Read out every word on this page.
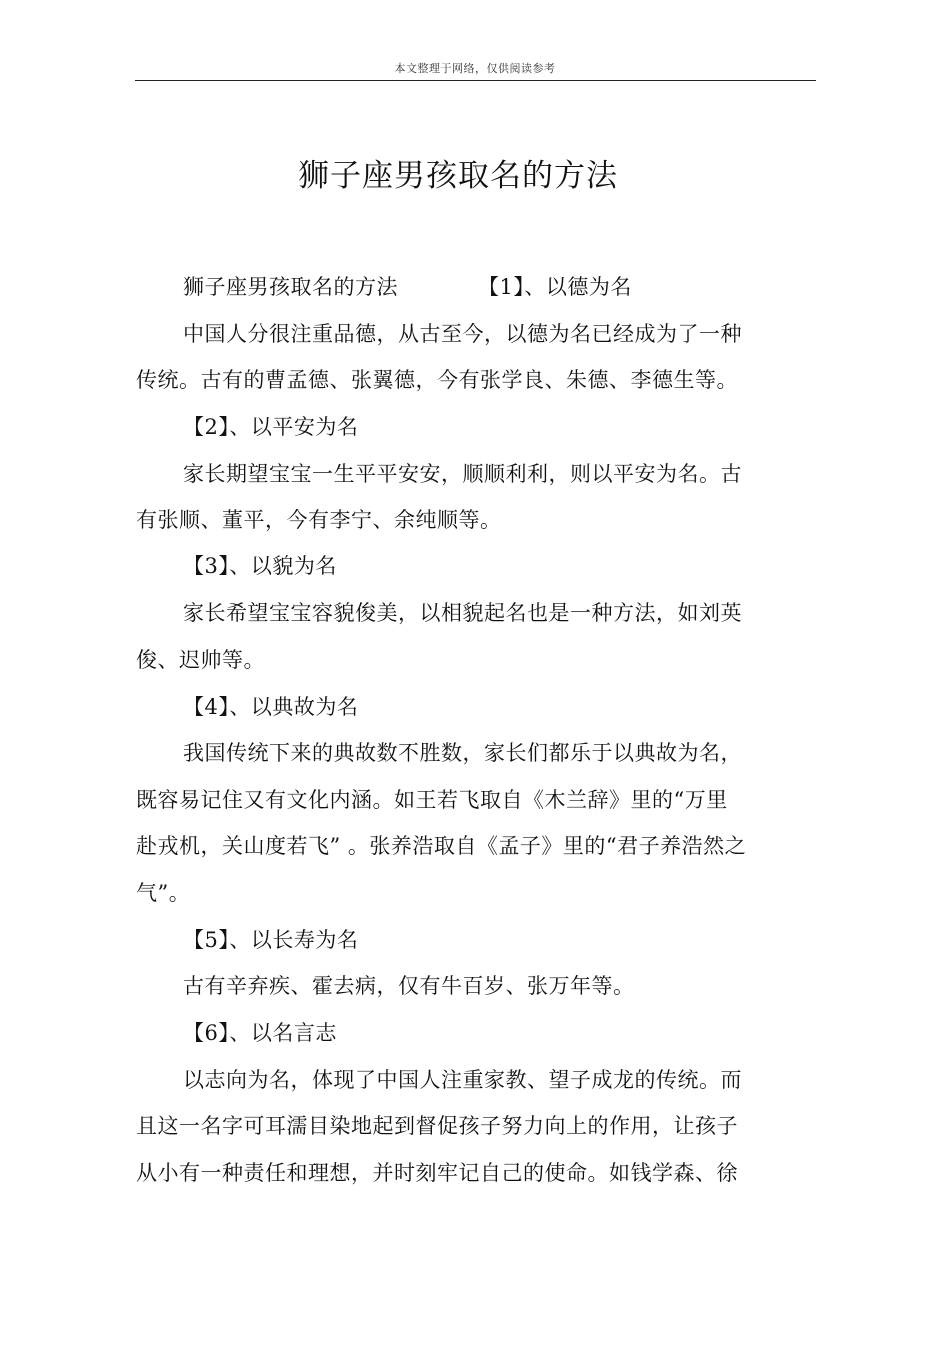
本文整理于网络，仅供阅读参考
狮子座男孩取名的方法
狮子座男孩取名的方法	【1】、以德为名
中国人分很注重品德，从古至今，以德为名已经成为了一种
传统。古有的曹孟德、张翼德，今有张学良、朱德、李德生等。
【2】、以平安为名
家长期望宝宝一生平平安安，顺顺利利，则以平安为名。古
有张顺、董平，今有李宁、余纯顺等。
【3】、以貌为名
家长希望宝宝容貌俊美，以相貌起名也是一种方法，如刘英
俊、迟帅等。
【4】、以典故为名
我国传统下来的典故数不胜数，家长们都乐于以典故为名，
既容易记住又有文化内涵。如王若飞取自《木兰辞》里的“万里
赴戎机，关山度若飞” 。张养浩取自《孟子》里的“君子养浩然之
气”。
【5】、以长寿为名
古有辛弃疾、霍去病，仅有牛百岁、张万年等。
【6】、以名言志
以志向为名，体现了中国人注重家教、望子成龙的传统。而
且这一名字可耳濡目染地起到督促孩子努力向上的作用，让孩子
从小有一种责任和理想，并时刻牢记自己的使命。如钱学森、徐
